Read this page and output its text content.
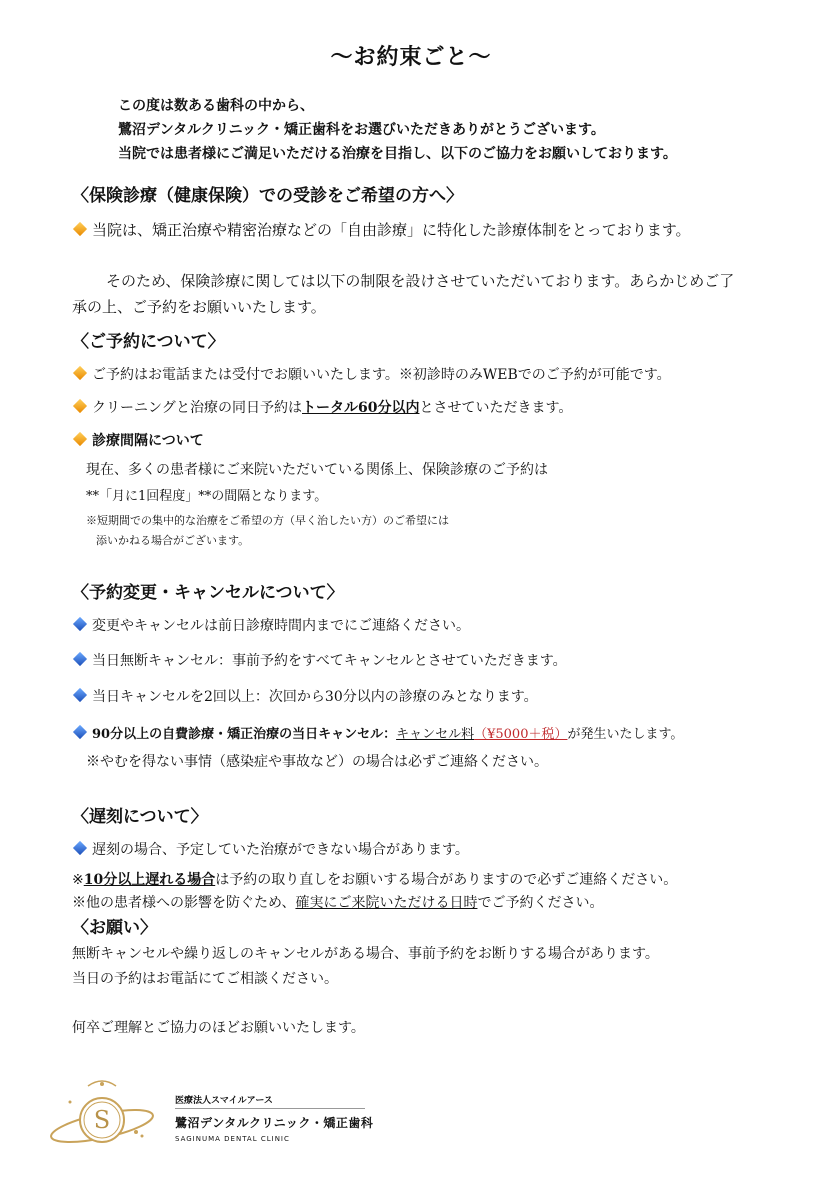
～お約束ごと～
この度は数ある歯科の中から、
鷺沼デンタルクリニック・矯正歯科をお選びいただきありがとうございます。
当院では患者様にご満足いただける治療を目指し、以下のご協力をお願いしております。
〈保険診療（健康保険）での受診をご希望の方へ〉
当院は、矯正治療や精密治療などの「自由診療」に特化した診療体制をとっております。
そのため、保険診療に関しては以下の制限を設けさせていただいております。あらかじめご了
承の上、ご予約をお願いいたします。
〈ご予約について〉
ご予約はお電話または受付でお願いいたします。※初診時のみWEBでのご予約が可能です。
クリーニングと治療の同日予約はトータル60分以内とさせていただきます。
診療間隔について
現在、多くの患者様にご来院いただいている関係上、保険診療のご予約は
**「月に1回程度」**の間隔となります。
※短期間での集中的な治療をご希望の方（早く治したい方）のご希望には
添いかねる場合がございます。
〈予約変更・キャンセルについて〉
変更やキャンセルは前日診療時間内までにご連絡ください。
当日無断キャンセル：事前予約をすべてキャンセルとさせていただきます。
当日キャンセルを2回以上：次回から30分以内の診療のみとなります。
90分以上の自費診療・矯正治療の当日キャンセル：キャンセル料（¥5000＋税）が発生いたします。
※やむを得ない事情（感染症や事故など）の場合は必ずご連絡ください。
〈遅刻について〉
遅刻の場合、予定していた治療ができない場合があります。
※10分以上遅れる場合は予約の取り直しをお願いする場合がありますので必ずご連絡ください。
※他の患者様への影響を防ぐため、確実にご来院いただける日時でご予約ください。
〈お願い〉
無断キャンセルや繰り返しのキャンセルがある場合、事前予約をお断りする場合があります。
当日の予約はお電話にてご相談ください。
何卒ご理解とご協力のほどお願いいたします。
S
医療法人スマイルアース
鷺沼デンタルクリニック・矯正歯科
SAGINUMA DENTAL CLINIC
